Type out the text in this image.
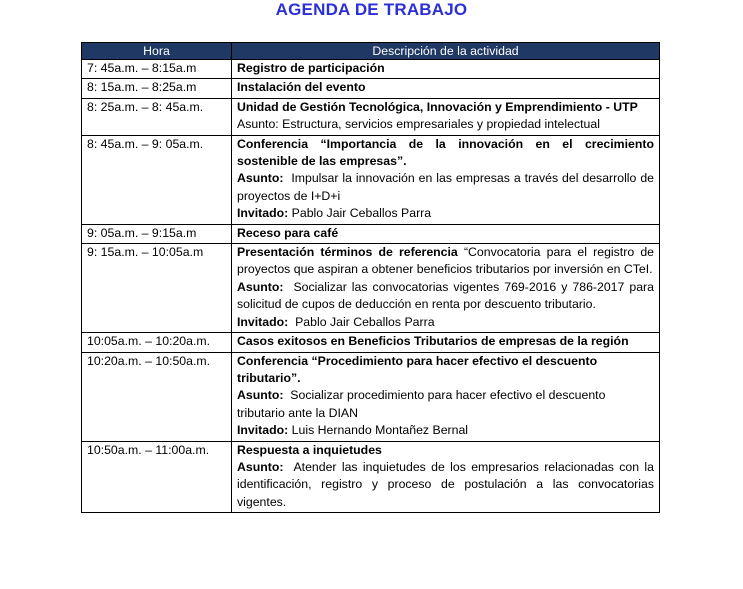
AGENDA DE TRABAJO
Hora	Descripción de la actividad
7: 45a.m. – 8:15a.m	Registro de participación
8: 15a.m. – 8:25a.m	Instalación del evento
8: 25a.m. – 8: 45a.m.	Unidad de Gestión Tecnológica, Innovación y Emprendimiento - UTP
Asunto: Estructura, servicios empresariales y propiedad intelectual

8: 45a.m. – 9: 05a.m.	Conferencia “Importancia de la innovación en el crecimiento sostenible de las empresas”.
Asunto: Impulsar la innovación en las empresas a través del desarrollo de proyectos de I+D+i
Invitado: Pablo Jair Ceballos Parra

9: 05a.m. – 9:15a.m	Receso para café
9: 15a.m. – 10:05a.m	Presentación términos de referencia “Convocatoria para el registro de proyectos que aspiran a obtener beneficios tributarios por inversión en CTeI.
Asunto: Socializar las convocatorias vigentes 769-2016 y 786-2017 para solicitud de cupos de deducción en renta por descuento tributario.
Invitado: Pablo Jair Ceballos Parra

10:05a.m. – 10:20a.m.	Casos exitosos en Beneficios Tributarios de empresas de la región
10:20a.m. – 10:50a.m.	Conferencia “Procedimiento para hacer efectivo el descuento tributario”.
Asunto: Socializar procedimiento para hacer efectivo el descuento tributario ante la DIAN
Invitado: Luis Hernando Montañez Bernal

10:50a.m. – 11:00a.m.	Respuesta a inquietudes
Asunto: Atender las inquietudes de los empresarios relacionadas con la identificación, registro y proceso de postulación a las convocatorias vigentes.
